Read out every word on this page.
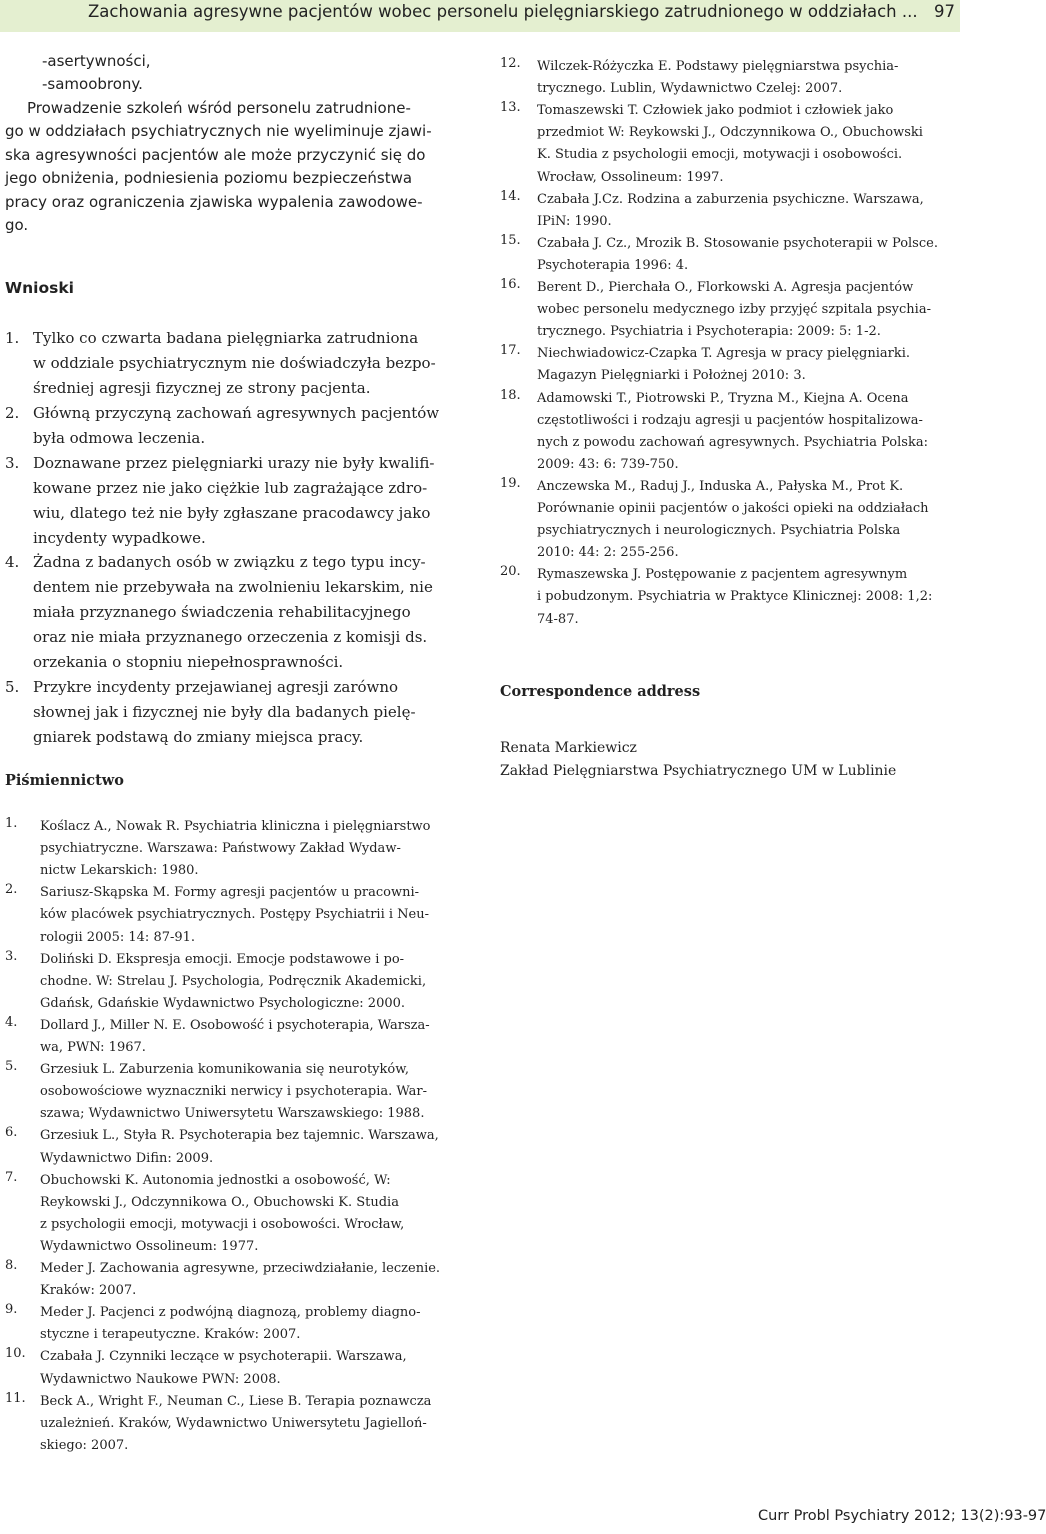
Zachowania agresywne pacjentów wobec personelu pielęgniarskiego zatrudnionego w oddziałach ... 97
-asertywności,
-samoobrony.
Prowadzenie szkoleń wśród personelu zatrudnione-
go w oddziałach psychiatrycznych nie wyeliminuje zjawi-
ska agresywności pacjentów ale może przyczynić się do
jego obniżenia, podniesienia poziomu bezpieczeństwa
pracy oraz ograniczenia zjawiska wypalenia zawodowe-
go.
Wnioski
1. Tylko co czwarta badana pielęgniarka zatrudniona
w oddziale psychiatrycznym nie doświadczyła bezpo-
średniej agresji fizycznej ze strony pacjenta.
2. Główną przyczyną zachowań agresywnych pacjentów
była odmowa leczenia.
3. Doznawane przez pielęgniarki urazy nie były kwalifi-
kowane przez nie jako ciężkie lub zagrażające zdro-
wiu, dlatego też nie były zgłaszane pracodawcy jako
incydenty wypadkowe.
4. Żadna z badanych osób w związku z tego typu incy-
dentem nie przebywała na zwolnieniu lekarskim, nie
miała przyznanego świadczenia rehabilitacyjnego
oraz nie miała przyznanego orzeczenia z komisji ds.
orzekania o stopniu niepełnosprawności.
5. Przykre incydenty przejawianej agresji zarówno
słownej jak i fizycznej nie były dla badanych pielę-
gniarek podstawą do zmiany miejsca pracy.
Piśmiennictwo
1. Koślacz A., Nowak R. Psychiatria kliniczna i pielęgniarstwo
psychiatryczne. Warszawa: Państwowy Zakład Wydaw-
nictw Lekarskich: 1980.
2. Sariusz-Skąpska M. Formy agresji pacjentów u pracowni-
ków placówek psychiatrycznych. Postępy Psychiatrii i Neu-
rologii 2005: 14: 87-91.
3. Doliński D. Ekspresja emocji. Emocje podstawowe i po-
chodne. W: Strelau J. Psychologia, Podręcznik Akademicki,
Gdańsk, Gdańskie Wydawnictwo Psychologiczne: 2000.
4. Dollard J., Miller N. E. Osobowość i psychoterapia, Warsza-
wa, PWN: 1967.
5. Grzesiuk L. Zaburzenia komunikowania się neurotyków,
osobowościowe wyznaczniki nerwicy i psychoterapia. War-
szawa; Wydawnictwo Uniwersytetu Warszawskiego: 1988.
6. Grzesiuk L., Styła R. Psychoterapia bez tajemnic. Warszawa,
Wydawnictwo Difin: 2009.
7. Obuchowski K. Autonomia jednostki a osobowość, W:
Reykowski J., Odczynnikowa O., Obuchowski K. Studia
z psychologii emocji, motywacji i osobowości. Wrocław,
Wydawnictwo Ossolineum: 1977.
8. Meder J. Zachowania agresywne, przeciwdziałanie, leczenie.
Kraków: 2007.
9. Meder J. Pacjenci z podwójną diagnozą, problemy diagno-
styczne i terapeutyczne. Kraków: 2007.
10. Czabała J. Czynniki leczące w psychoterapii. Warszawa,
Wydawnictwo Naukowe PWN: 2008.
11. Beck A., Wright F., Neuman C., Liese B. Terapia poznawcza
uzależnień. Kraków, Wydawnictwo Uniwersytetu Jagielloń-
skiego: 2007.
12. Wilczek-Różyczka E. Podstawy pielęgniarstwa psychia-
trycznego. Lublin, Wydawnictwo Czelej: 2007.
13. Tomaszewski T. Człowiek jako podmiot i człowiek jako
przedmiot W: Reykowski J., Odczynnikowa O., Obuchowski
K. Studia z psychologii emocji, motywacji i osobowości.
Wrocław, Ossolineum: 1997.
14. Czabała J.Cz. Rodzina a zaburzenia psychiczne. Warszawa,
IPiN: 1990.
15. Czabała J. Cz., Mrozik B. Stosowanie psychoterapii w Polsce.
Psychoterapia 1996: 4.
16. Berent D., Pierchała O., Florkowski A. Agresja pacjentów
wobec personelu medycznego izby przyjęć szpitala psychia-
trycznego. Psychiatria i Psychoterapia: 2009: 5: 1-2.
17. Niechwiadowicz-Czapka T. Agresja w pracy pielęgniarki.
Magazyn Pielęgniarki i Położnej 2010: 3.
18. Adamowski T., Piotrowski P., Tryzna M., Kiejna A. Ocena
częstotliwości i rodzaju agresji u pacjentów hospitalizowa-
nych z powodu zachowań agresywnych. Psychiatria Polska:
2009: 43: 6: 739-750.
19. Anczewska M., Raduj J., Induska A., Pałyska M., Prot K.
Porównanie opinii pacjentów o jakości opieki na oddziałach
psychiatrycznych i neurologicznych. Psychiatria Polska
2010: 44: 2: 255-256.
20. Rymaszewska J. Postępowanie z pacjentem agresywnym
i pobudzonym. Psychiatria w Praktyce Klinicznej: 2008: 1,2:
74-87.
Correspondence address
Renata Markiewicz
Zakład Pielęgniarstwa Psychiatrycznego UM w Lublinie
Curr Probl Psychiatry 2012; 13(2):93-97
